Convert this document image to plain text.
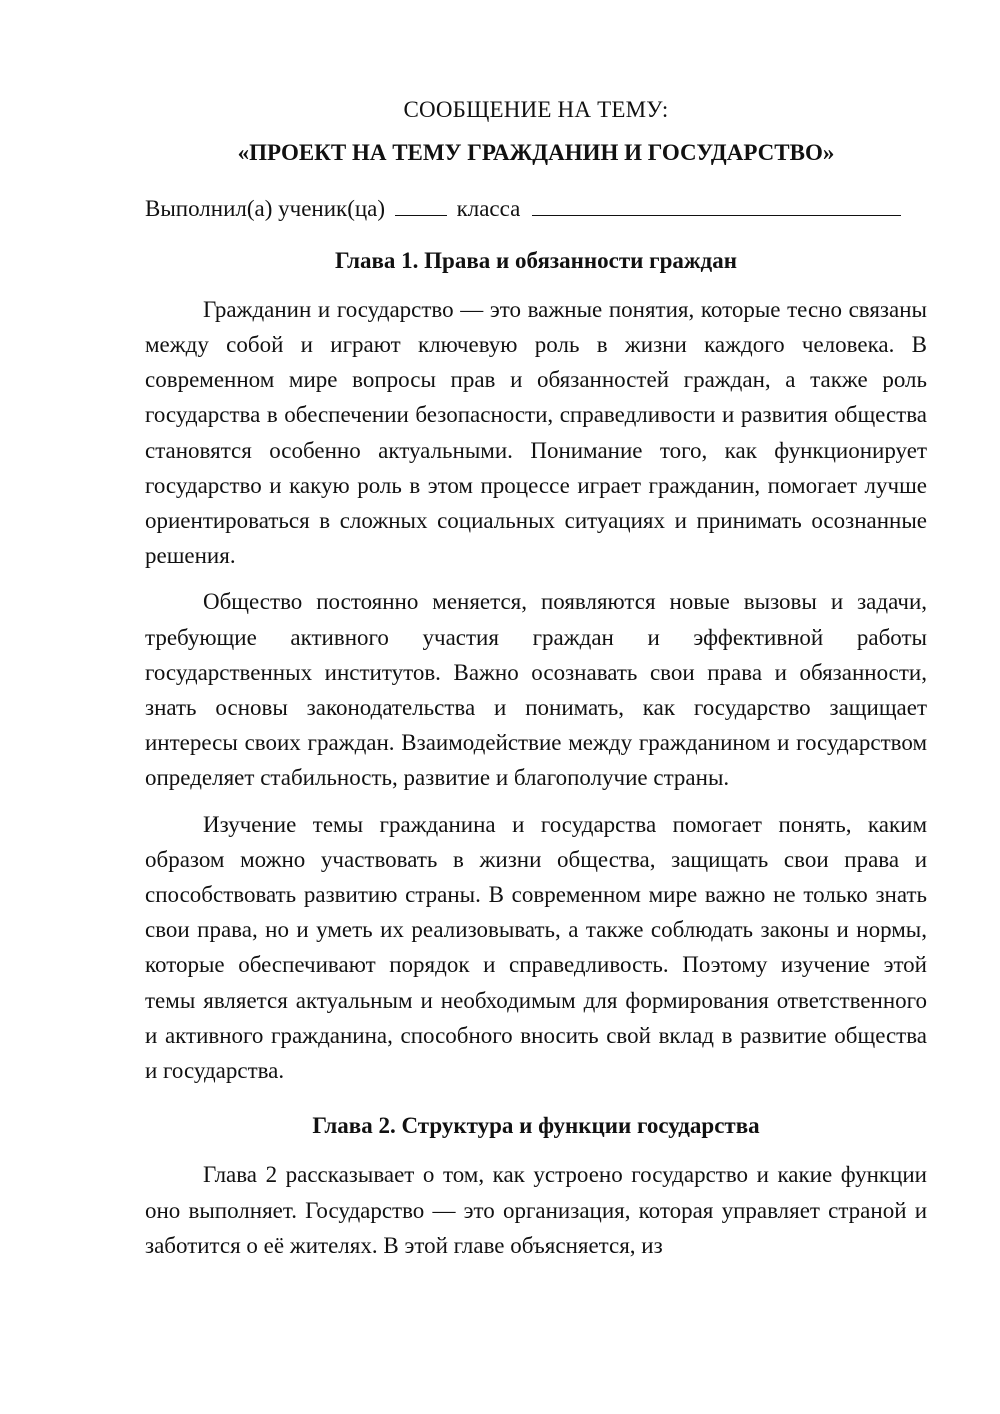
СООБЩЕНИЕ НА ТЕМУ:

«ПРОЕКТ НА ТЕМУ ГРАЖДАНИН И ГОСУДАРСТВО»

Выполнил(а) ученик(ца)	класса

Глава 1. Права и обязанности граждан

Гражданин и государство — это важные понятия, которые тесно связаны между собой и играют ключевую роль в жизни каждого человека. В современном мире вопросы прав и обязанностей граждан, а также роль государства в обеспечении безопасности, справедливости и развития общества становятся особенно актуальными. Понимание того, как функционирует государство и какую роль в этом процессе играет гражданин, помогает лучше ориентироваться в сложных социальных ситуациях и принимать осознанные решения.

Общество постоянно меняется, появляются новые вызовы и задачи, требующие активного участия граждан и эффективной работы государственных институтов. Важно осознавать свои права и обязанности, знать основы законодательства и понимать, как государство защищает интересы своих граждан. Взаимодействие между гражданином и государством определяет стабильность, развитие и благополучие страны.

Изучение темы гражданина и государства помогает понять, каким образом можно участвовать в жизни общества, защищать свои права и способствовать развитию страны. В современном мире важно не только знать свои права, но и уметь их реализовывать, а также соблюдать законы и нормы, которые обеспечивают порядок и справедливость. Поэтому изучение этой темы является актуальным и необходимым для формирования ответственного и активного гражданина, способного вносить свой вклад в развитие общества и государства.

Глава 2. Структура и функции государства

Глава 2 рассказывает о том, как устроено государство и какие функции оно выполняет. Государство — это организация, которая управляет страной и заботится о её жителях. В этой главе объясняется, из
